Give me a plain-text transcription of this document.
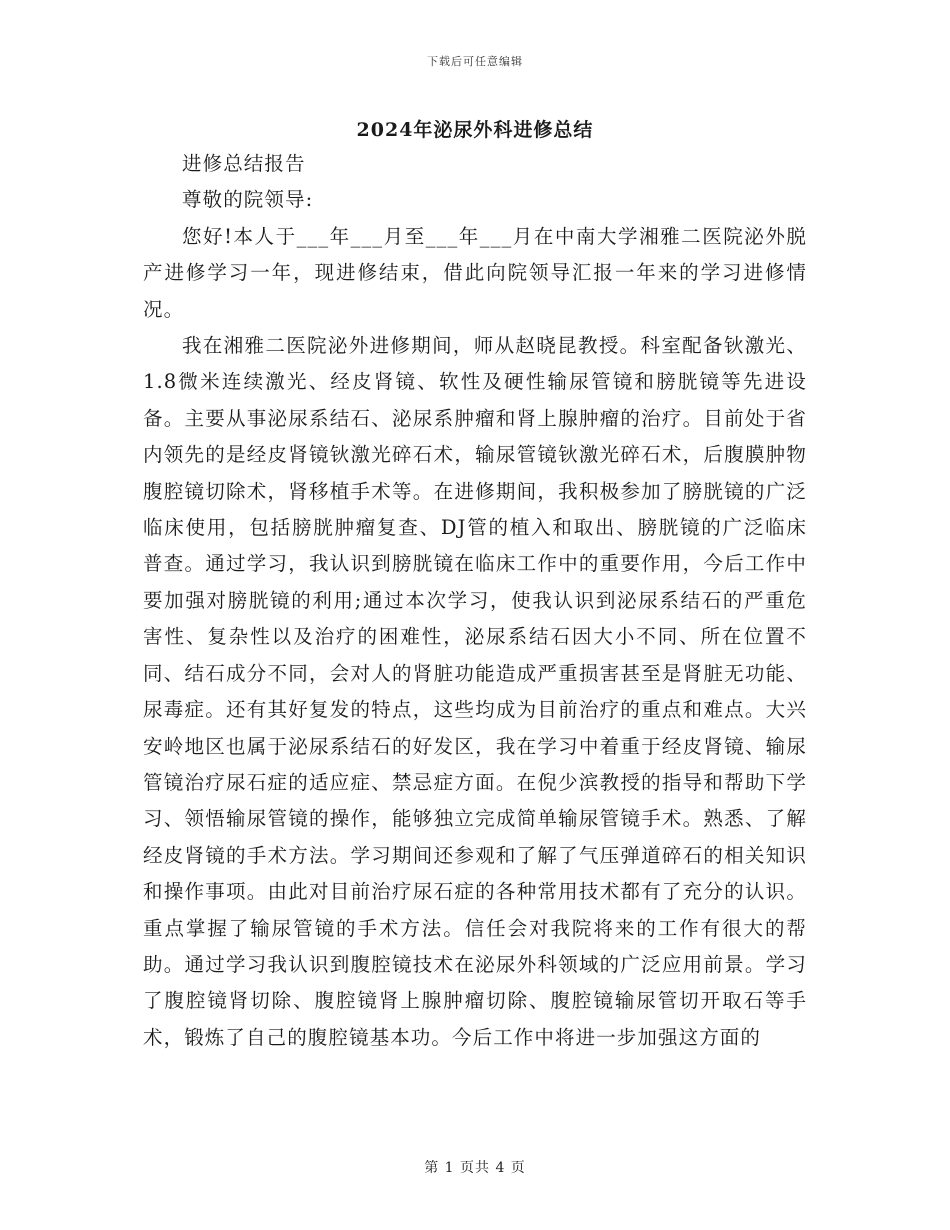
下载后可任意编辑
2024年泌尿外科进修总结

进修总结报告

尊敬的院领导:

您好!本人于___年___月至___年___月在中南大学湘雅二医院泌外脱产进修学习一年，现进修结束，借此向院领导汇报一年来的学习进修情况。

我在湘雅二医院泌外进修期间，师从赵晓昆教授。科室配备钬激光、1.8微米连续激光、经皮肾镜、软性及硬性输尿管镜和膀胱镜等先进设备。主要从事泌尿系结石、泌尿系肿瘤和肾上腺肿瘤的治疗。目前处于省内领先的是经皮肾镜钬激光碎石术，输尿管镜钬激光碎石术，后腹膜肿物腹腔镜切除术，肾移植手术等。在进修期间，我积极参加了膀胱镜的广泛临床使用，包括膀胱肿瘤复查、DJ管的植入和取出、膀胱镜的广泛临床普查。通过学习，我认识到膀胱镜在临床工作中的重要作用，今后工作中要加强对膀胱镜的利用;通过本次学习，使我认识到泌尿系结石的严重危害性、复杂性以及治疗的困难性，泌尿系结石因大小不同、所在位置不同、结石成分不同，会对人的肾脏功能造成严重损害甚至是肾脏无功能、尿毒症。还有其好复发的特点，这些均成为目前治疗的重点和难点。大兴安岭地区也属于泌尿系结石的好发区，我在学习中着重于经皮肾镜、输尿管镜治疗尿石症的适应症、禁忌症方面。在倪少滨教授的指导和帮助下学习、领悟输尿管镜的操作，能够独立完成简单输尿管镜手术。熟悉、了解经皮肾镜的手术方法。学习期间还参观和了解了气压弹道碎石的相关知识和操作事项。由此对目前治疗尿石症的各种常用技术都有了充分的认识。重点掌握了输尿管镜的手术方法。信任会对我院将来的工作有很大的帮助。通过学习我认识到腹腔镜技术在泌尿外科领域的广泛应用前景。学习了腹腔镜肾切除、腹腔镜肾上腺肿瘤切除、腹腔镜输尿管切开取石等手术，锻炼了自己的腹腔镜基本功。今后工作中将进一步加强这方面的

第 1 页共 4 页
